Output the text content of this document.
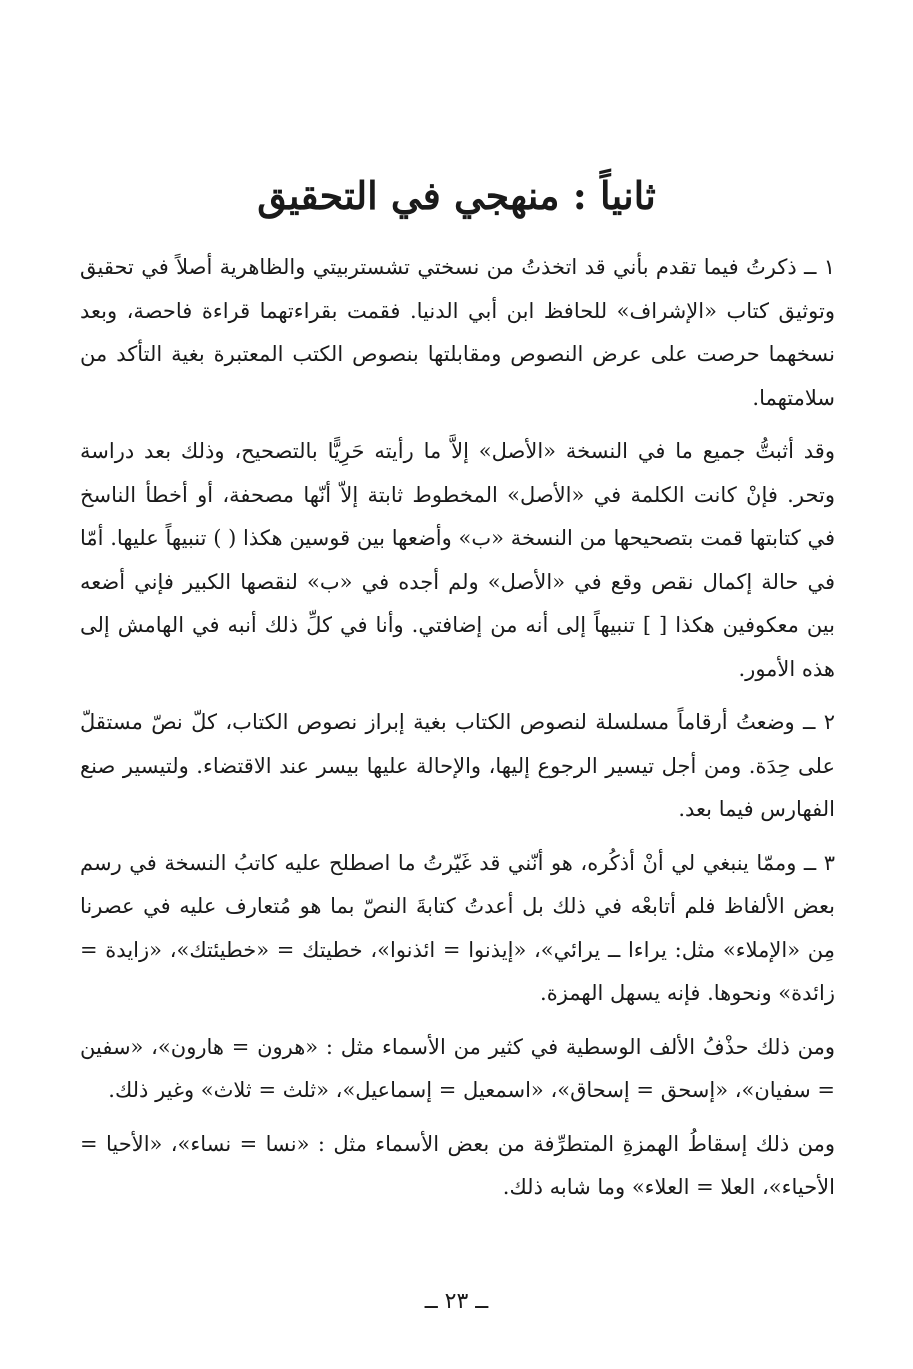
ثانياً : منهجي في التحقيق

١ ــ ذكرتُ فيما تقدم بأني قد اتخذتُ من نسختي تشستربيتي والظاهرية أصلاً في تحقيق وتوثيق كتاب «الإشراف» للحافظ ابن أبي الدنيا. فقمت بقراءتهما قراءة فاحصة، وبعد نسخهما حرصت على عرض النصوص ومقابلتها بنصوص الكتب المعتبرة بغية التأكد من سلامتهما.

وقد أثبتُّ جميع ما في النسخة «الأصل» إلاَّ ما رأيته حَرِيًّا بالتصحيح، وذلك بعد دراسة وتحر. فإنْ كانت الكلمة في «الأصل» المخطوط ثابتة إلاّ أنّها مصحفة، أو أخطأ الناسخ في كتابتها قمت بتصحيحها من النسخة «ب» وأضعها بين قوسين هكذا ( ) تنبيهاً عليها. أمّا في حالة إكمال نقص وقع في «الأصل» ولم أجده في «ب» لنقصها الكبير فإني أضعه بين معكوفين هكذا [ ] تنبيهاً إلى أنه من إضافتي. وأنا في كلِّ ذلك أنبه في الهامش إلى هذه الأمور.

٢ ــ وضعتُ أرقاماً مسلسلة لنصوص الكتاب بغية إبراز نصوص الكتاب، كلّ نصّ مستقلّ على حِدَة. ومن أجل تيسير الرجوع إليها، والإحالة عليها بيسر عند الاقتضاء. ولتيسير صنع الفهارس فيما بعد.

٣ ــ وممّا ينبغي لي أنْ أذكُره، هو أنّني قد غَيّرتُ ما اصطلح عليه كاتبُ النسخة في رسم بعض الألفاظ فلم أتابعْه في ذلك بل أعدتُ كتابةَ النصّ بما هو مُتعارف عليه في عصرنا مِن «الإملاء» مثل: يراءا ــ يرائي»، «إيذنوا = ائذنوا»، خطيتك = «خطيئتك»، «زايدة = زائدة» ونحوها. فإنه يسهل الهمزة.

ومن ذلك حذْفُ الألف الوسطية في كثير من الأسماء مثل : «هرون = هارون»، «سفين = سفيان»، «إسحق = إسحاق»، «اسمعيل = إسماعيل»، «ثلث = ثلاث» وغير ذلك.

ومن ذلك إسقاطُ الهمزةِ المتطرِّفة من بعض الأسماء مثل : «نسا = نساء»، «الأحيا = الأحياء»، العلا = العلاء» وما شابه ذلك.

ــ ٢٣ ــ
